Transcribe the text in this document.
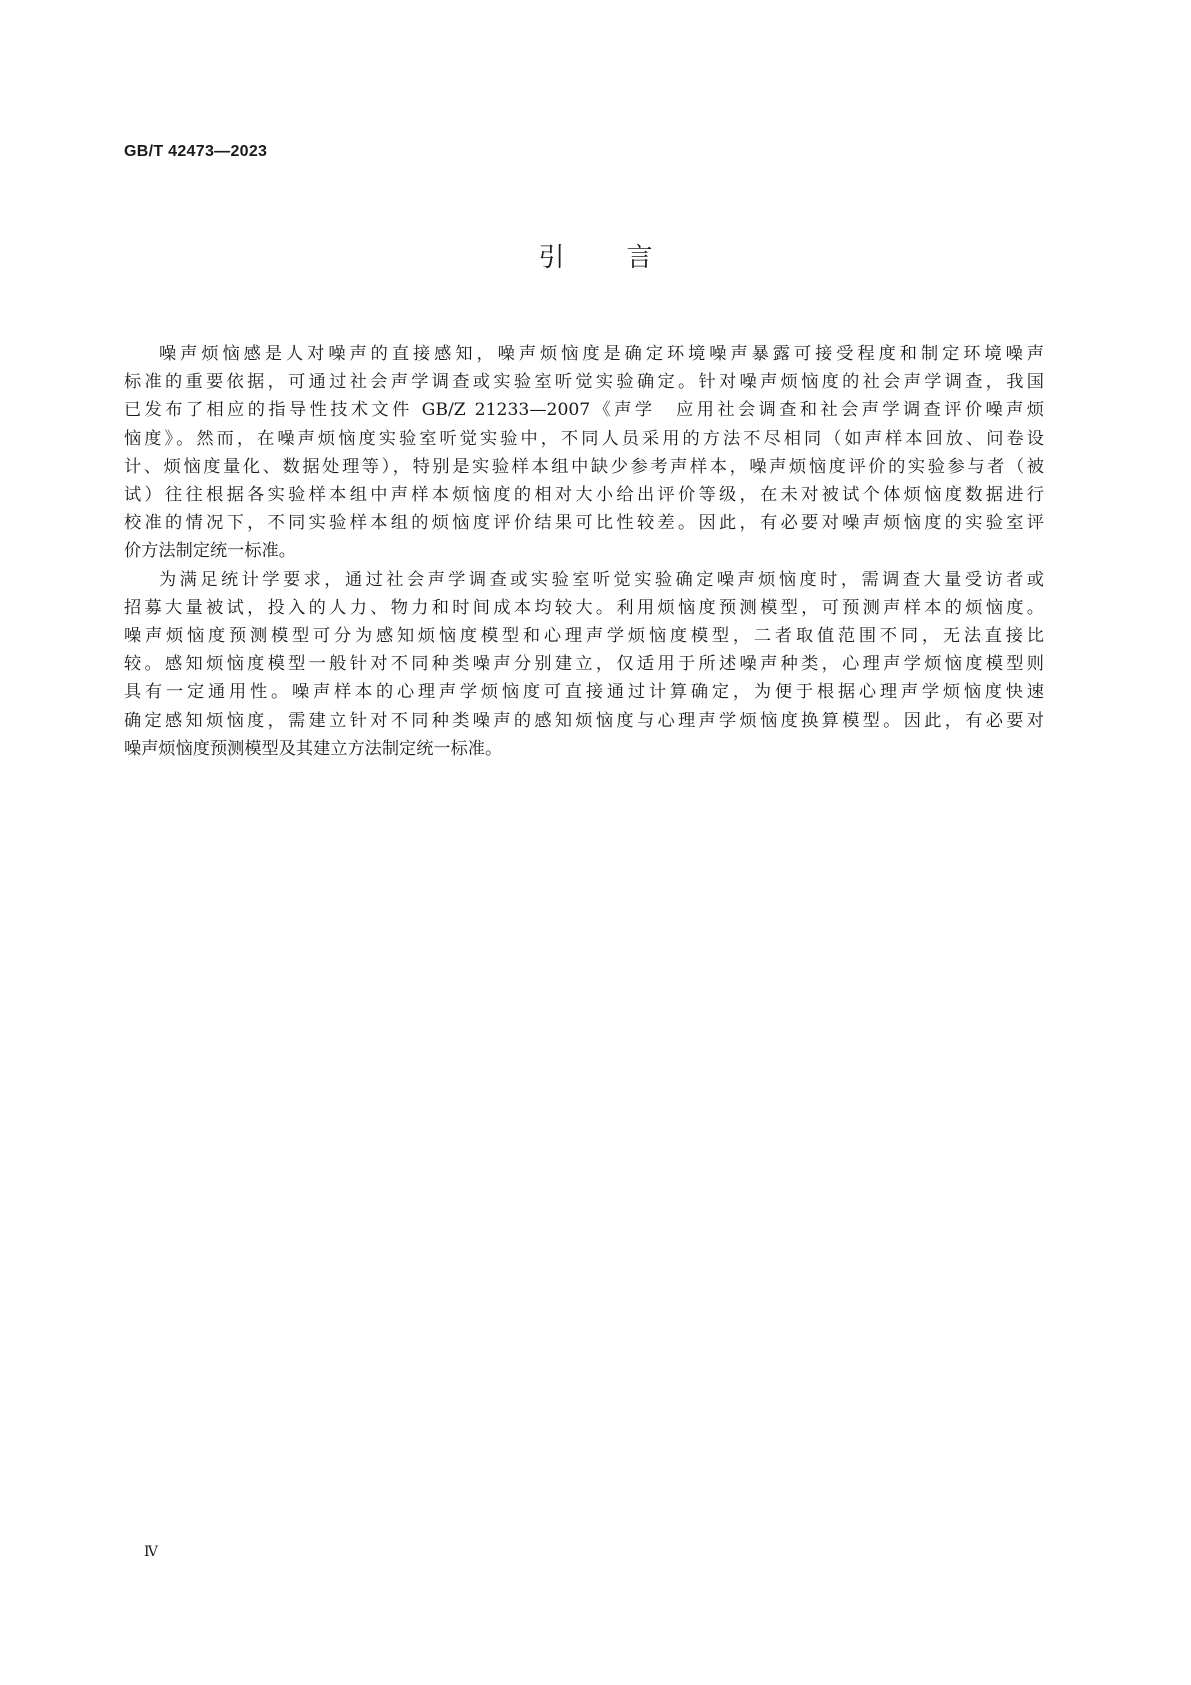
GB/T 42473—2023

引 言

噪声烦恼感是人对噪声的直接感知，噪声烦恼度是确定环境噪声暴露可接受程度和制定环境噪声
标准的重要依据，可通过社会声学调查或实验室听觉实验确定。针对噪声烦恼度的社会声学调查，我国
已发布了相应的指导性技术文件 GB/Z 21233—2007《声学　应用社会调查和社会声学调查评价噪声烦
恼度》。然而，在噪声烦恼度实验室听觉实验中，不同人员采用的方法不尽相同（如声样本回放、问卷设
计、烦恼度量化、数据处理等），特别是实验样本组中缺少参考声样本，噪声烦恼度评价的实验参与者（被
试）往往根据各实验样本组中声样本烦恼度的相对大小给出评价等级，在未对被试个体烦恼度数据进行
校准的情况下，不同实验样本组的烦恼度评价结果可比性较差。因此，有必要对噪声烦恼度的实验室评
价方法制定统一标准。

为满足统计学要求，通过社会声学调查或实验室听觉实验确定噪声烦恼度时，需调查大量受访者或
招募大量被试，投入的人力、物力和时间成本均较大。利用烦恼度预测模型，可预测声样本的烦恼度。
噪声烦恼度预测模型可分为感知烦恼度模型和心理声学烦恼度模型，二者取值范围不同，无法直接比
较。感知烦恼度模型一般针对不同种类噪声分别建立，仅适用于所述噪声种类，心理声学烦恼度模型则
具有一定通用性。噪声样本的心理声学烦恼度可直接通过计算确定，为便于根据心理声学烦恼度快速
确定感知烦恼度，需建立针对不同种类噪声的感知烦恼度与心理声学烦恼度换算模型。因此，有必要对
噪声烦恼度预测模型及其建立方法制定统一标准。

Ⅳ
